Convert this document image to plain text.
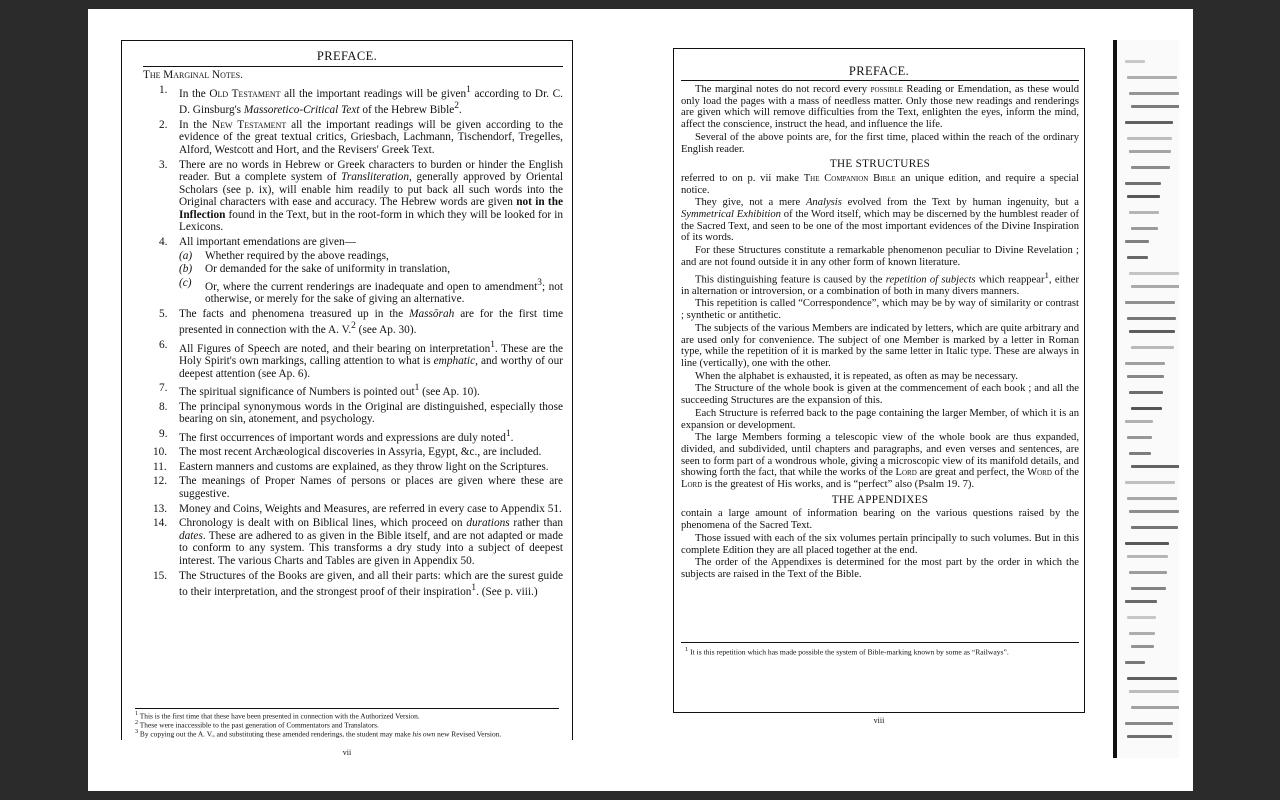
PREFACE.
The Marginal Notes.
1.	In the Old Testament all the important readings will be given$^1$ according to Dr. C. D. Ginsburg's Massoretico-Critical Text of the Hebrew Bible$^2$.
2.	In the New Testament all the important readings will be given according to the evidence of the great textual critics, Griesbach, Lachmann, Tischendorf, Tregelles, Alford, Westcott and Hort, and the Revisers' Greek Text.
3.	There are no words in Hebrew or Greek characters to burden or hinder the English reader. But a complete system of Transliteration, generally approved by Oriental Scholars (see p. ix), will enable him readily to put back all such words into the Original characters with ease and accuracy. The Hebrew words are given not in the Inflection found in the Text, but in the root-form in which they will be looked for in Lexicons.
4.	All important emendations are given—
(a) Whether required by the above readings,
(b) Or demanded for the sake of uniformity in translation,
(c) Or, where the current renderings are inadequate and open to amendment$^3$; not otherwise, or merely for the sake of giving an alternative.
5.	The facts and phenomena treasured up in the Massōrah are for the first time presented in connection with the A. V.$^2$ (see Ap. 30).
6.	All Figures of Speech are noted, and their bearing on interpretation$^1$. These are the Holy Spirit's own markings, calling attention to what is emphatic, and worthy of our deepest attention (see Ap. 6).
7.	The spiritual significance of Numbers is pointed out$^1$ (see Ap. 10).
8.	The principal synonymous words in the Original are distinguished, especially those bearing on sin, atonement, and psychology.
9.	The first occurrences of important words and expressions are duly noted$^1$.
10.	The most recent Archæological discoveries in Assyria, Egypt, &c., are included.
11.	Eastern manners and customs are explained, as they throw light on the Scriptures.
12.	The meanings of Proper Names of persons or places are given where these are suggestive.
13.	Money and Coins, Weights and Measures, are referred in every case to Appendix 51.
14.	Chronology is dealt with on Biblical lines, which proceed on durations rather than dates. These are adhered to as given in the Bible itself, and are not adapted or made to conform to any system. This transforms a dry study into a subject of deepest interest. The various Charts and Tables are given in Appendix 50.
15.	The Structures of the Books are given, and all their parts: which are the surest guide to their interpretation, and the strongest proof of their inspiration$^1$. (See p. viii.)
$^1$ This is the first time that these have been presented in connection with the Authorized Version.
$^2$ These were inaccessible to the past generation of Commentators and Translators.
$^3$ By copying out the A. V., and substituting these amended renderings, the student may make his own new Revised Version.
vii
PREFACE.

The marginal notes do not record every possible Reading or Emendation, as these would only load the pages with a mass of needless matter. Only those new readings and renderings are given which will remove difficulties from the Text, enlighten the eyes, inform the mind, affect the conscience, instruct the head, and influence the life.

Several of the above points are, for the first time, placed within the reach of the ordinary English reader.

THE STRUCTURES

referred to on p. vii make The Companion Bible an unique edition, and require a special notice.

They give, not a mere Analysis evolved from the Text by human ingenuity, but a Symmetrical Exhibition of the Word itself, which may be discerned by the humblest reader of the Sacred Text, and seen to be one of the most important evidences of the Divine Inspiration of its words.

For these Structures constitute a remarkable phenomenon peculiar to Divine Revelation ; and are not found outside it in any other form of known literature.

This distinguishing feature is caused by the repetition of subjects which reappear$^1$, either in alternation or introversion, or a combination of both in many divers manners.

This repetition is called “Correspondence”, which may be by way of similarity or contrast ; synthetic or antithetic.

The subjects of the various Members are indicated by letters, which are quite arbitrary and are used only for convenience. The subject of one Member is marked by a letter in Roman type, while the repetition of it is marked by the same letter in Italic type. These are always in line (vertically), one with the other.

When the alphabet is exhausted, it is repeated, as often as may be necessary.

The Structure of the whole book is given at the commencement of each book ; and all the succeeding Structures are the expansion of this.

Each Structure is referred back to the page containing the larger Member, of which it is an expansion or development.

The large Members forming a telescopic view of the whole book are thus expanded, divided, and subdivided, until chapters and paragraphs, and even verses and sentences, are seen to form part of a wondrous whole, giving a microscopic view of its manifold details, and showing forth the fact, that while the works of the Lord are great and perfect, the Word of the Lord is the greatest of His works, and is “perfect” also (Psalm 19. 7).

THE APPENDIXES

contain a large amount of information bearing on the various questions raised by the phenomena of the Sacred Text.

Those issued with each of the six volumes pertain principally to such volumes. But in this complete Edition they are all placed together at the end.

The order of the Appendixes is determined for the most part by the order in which the subjects are raised in the Text of the Bible.

$^1$ It is this repetition which has made possible the system of Bible-marking known by some as “Railways”.
viii
